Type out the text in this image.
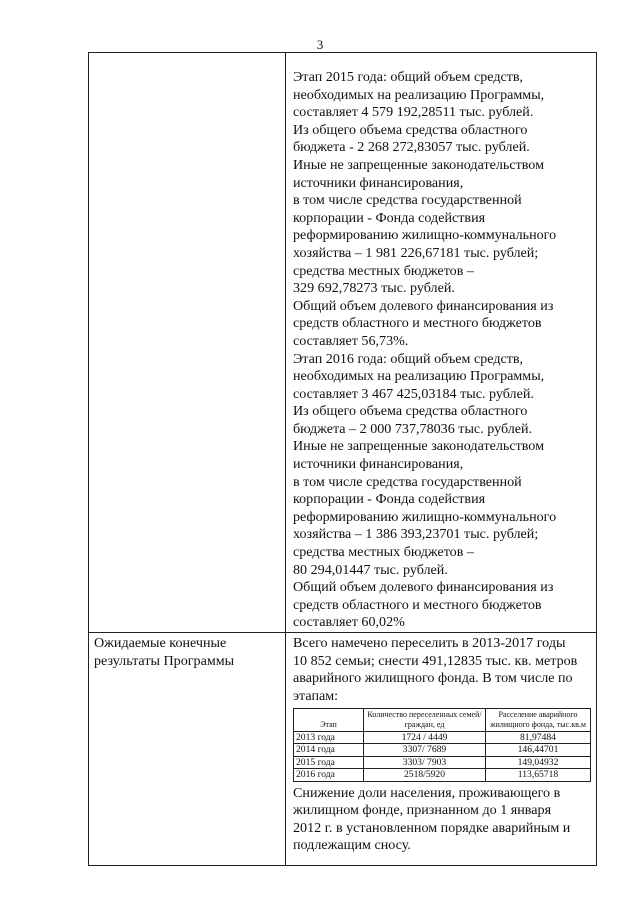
3

Этап 2015 года: общий объем средств,
необходимых на реализацию Программы,
составляет 4 579 192,28511 тыс. рублей.
Из общего объема средства областного
бюджета - 2 268 272,83057 тыс. рублей.
Иные не запрещенные законодательством
источники финансирования,
в том числе средства государственной
корпорации - Фонда содействия
реформированию жилищно-коммунального
хозяйства – 1 981 226,67181 тыс. рублей;
средства местных бюджетов –
329 692,78273 тыс. рублей.
Общий объем долевого финансирования из
средств областного и местного бюджетов
составляет 56,73%.
Этап 2016 года: общий объем средств,
необходимых на реализацию Программы,
составляет 3 467 425,03184 тыс. рублей.
Из общего объема средства областного
бюджета – 2 000 737,78036 тыс. рублей.
Иные не запрещенные законодательством
источники финансирования,
в том числе средства государственной
корпорации - Фонда содействия
реформированию жилищно-коммунального
хозяйства – 1 386 393,23701 тыс. рублей;
средства местных бюджетов –
80 294,01447 тыс. рублей.
Общий объем долевого финансирования из
средств областного и местного бюджетов
составляет 60,02%

Ожидаемые конечные
результаты Программы

Всего намечено переселить в 2013-2017 годы
10 852 семьи; снести 491,12835 тыс. кв. метров
аварийного жилищного фонда. В том числе по
этапам:
Этап	Количество переселенных семей/граждан, ед	Расселение аварийного жилищного фонда, тыс.кв.м
2013 года	1724 / 4449	81,97484
2014 года	3307/ 7689	146,44701
2015 года	3303/ 7903	149,04932
2016 года	2518/5920	113,65718
Снижение доли населения, проживающего в
жилищном фонде, признанном до 1 января
2012 г. в установленном порядке аварийным и
подлежащим сносу.
